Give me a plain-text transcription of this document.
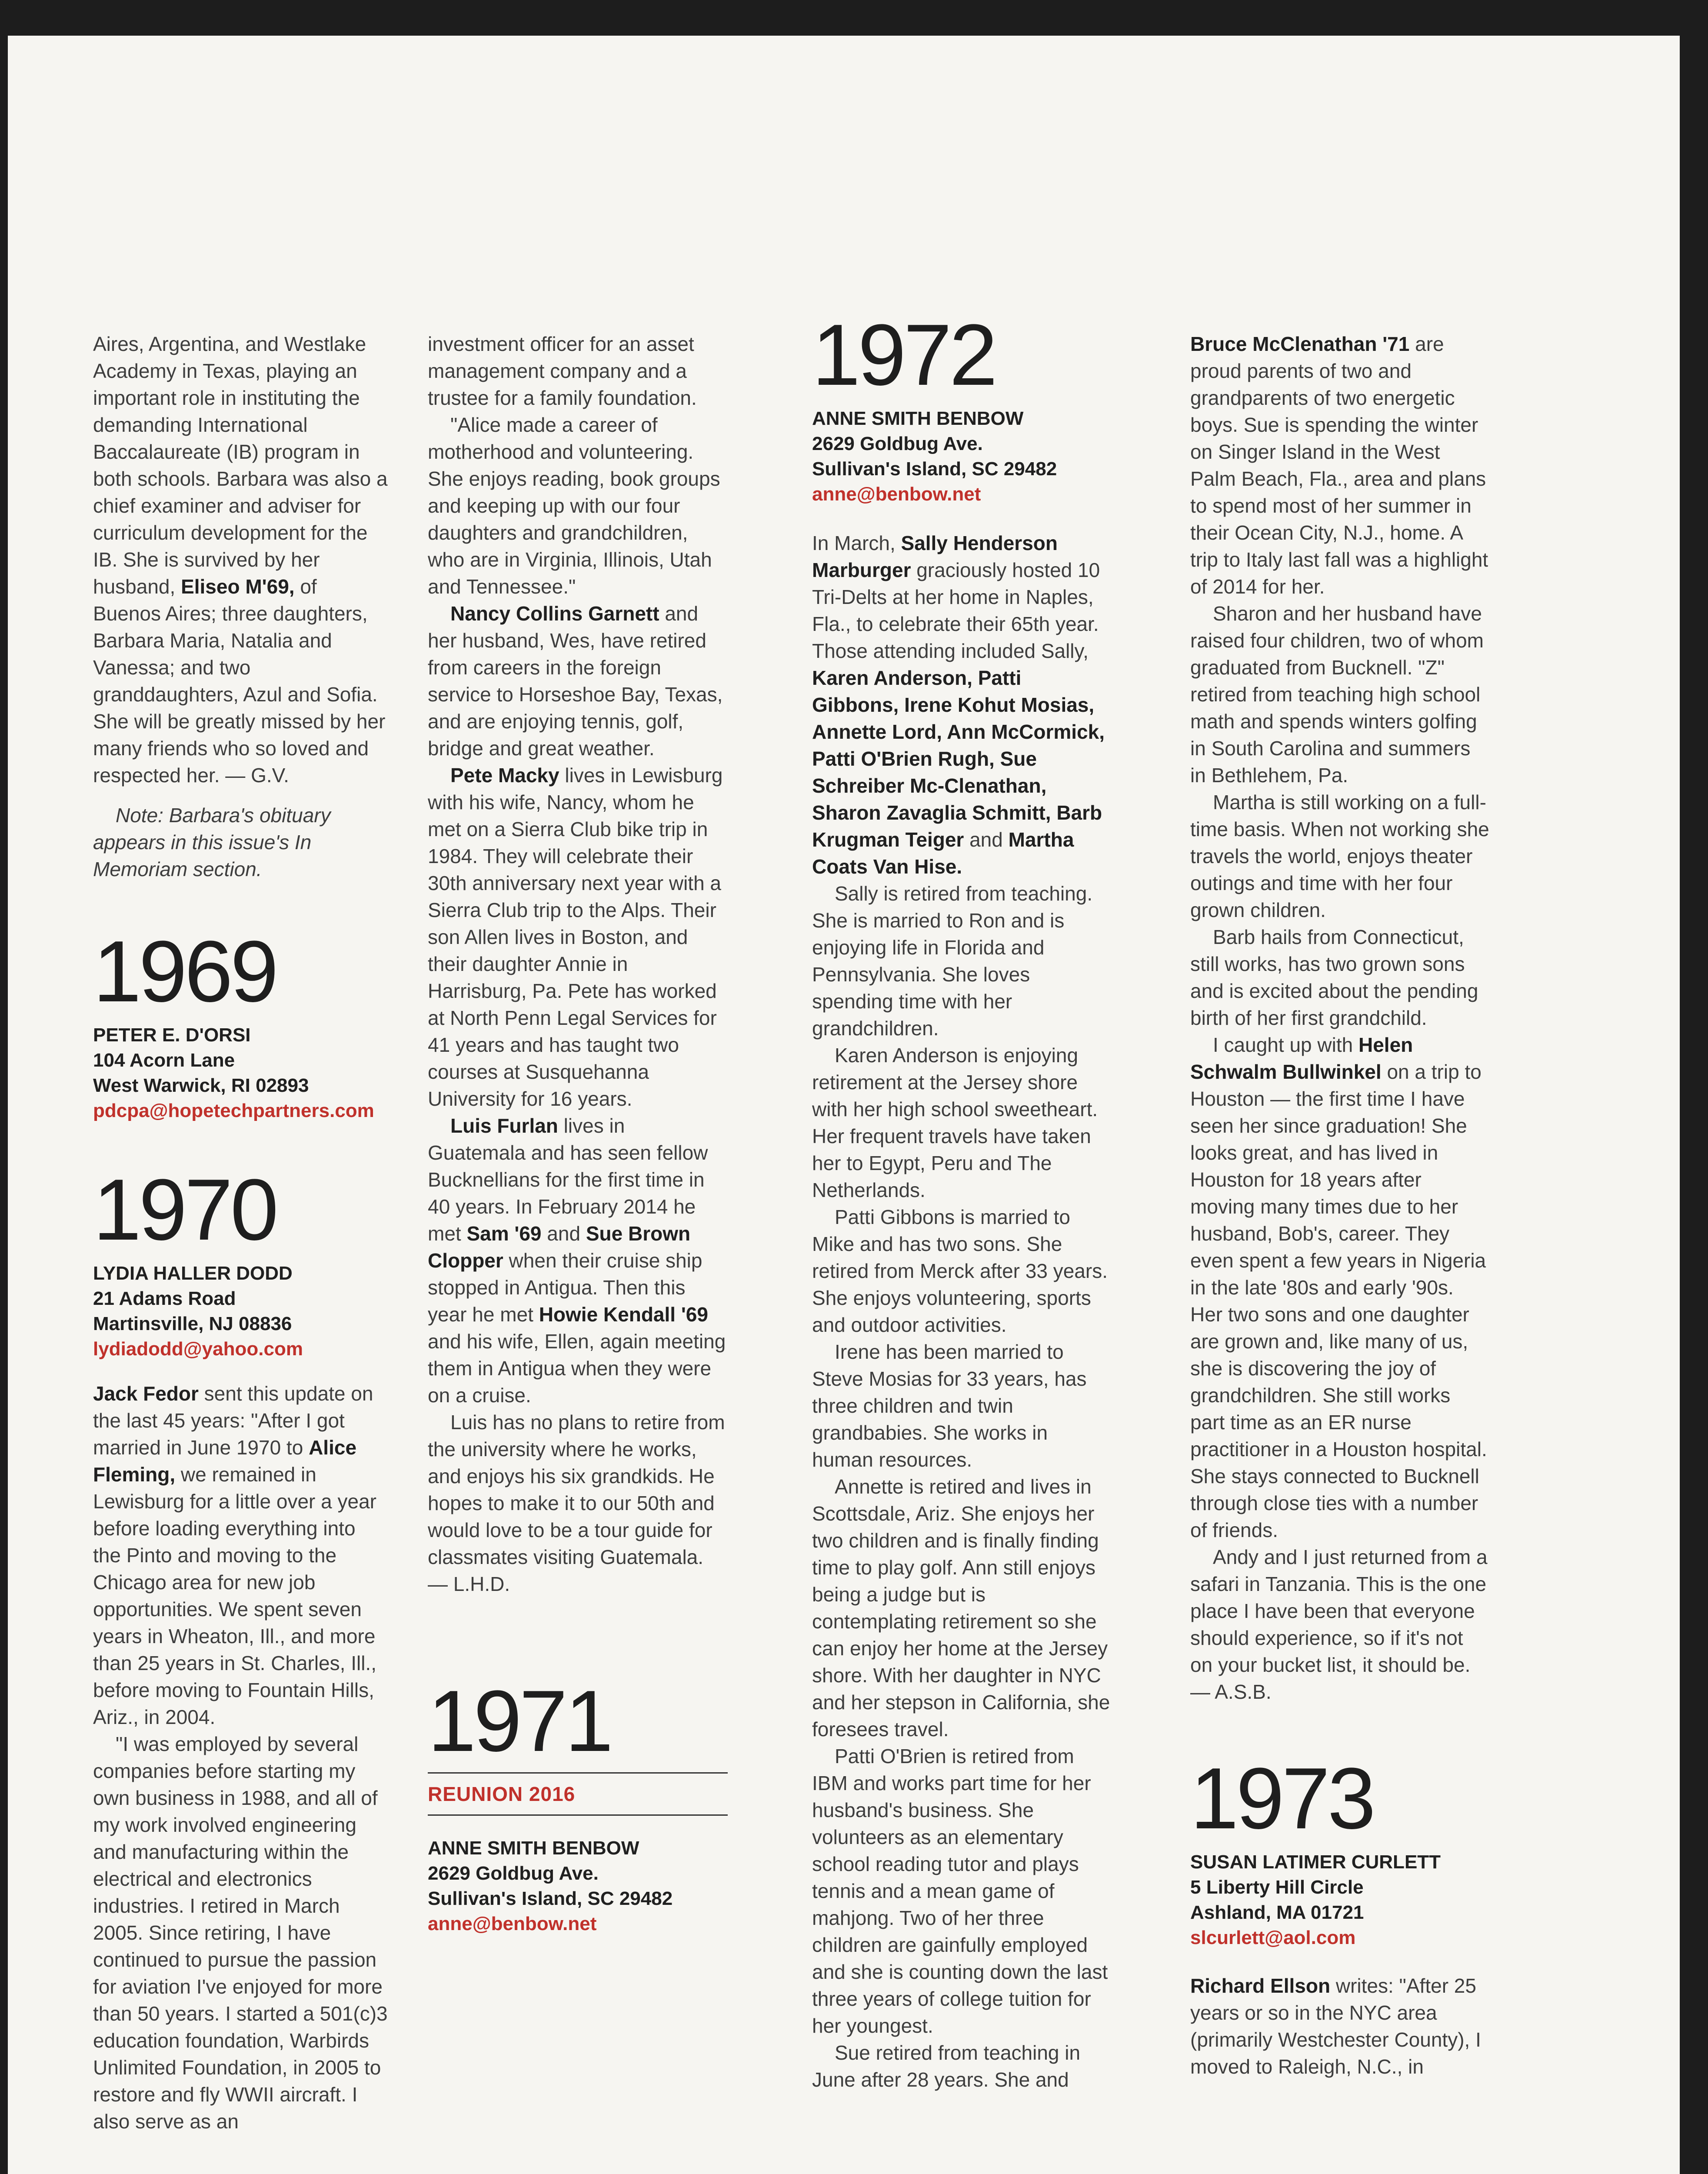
Aires, Argentina, and Westlake Academy in Texas, playing an important role in instituting the demanding International Baccalaureate (IB) program in both schools. Barbara was also a chief examiner and adviser for curriculum development for the IB. She is survived by her husband, Eliseo M'69, of Buenos Aires; three daughters, Barbara Maria, Natalia and Vanessa; and two granddaughters, Azul and Sofia. She will be greatly missed by her many friends who so loved and respected her. — G.V.

Note: Barbara's obituary appears in this issue's In Memoriam section.

1969
PETER E. D'ORSI
104 Acorn Lane
West Warwick, RI 02893
pdcpa@hopetechpartners.com
1970
LYDIA HALLER DODD
21 Adams Road
Martinsville, NJ 08836
lydiadodd@yahoo.com

Jack Fedor sent this update on the last 45 years: "After I got married in June 1970 to Alice Fleming, we remained in Lewisburg for a little over a year before loading everything into the Pinto and moving to the Chicago area for new job opportunities. We spent seven years in Wheaton, Ill., and more than 25 years in St. Charles, Ill., before moving to Fountain Hills, Ariz., in 2004.

"I was employed by several companies before starting my own business in 1988, and all of my work involved engineering and manufacturing within the electrical and electronics industries. I retired in March 2005. Since retiring, I have continued to pursue the passion for aviation I've enjoyed for more than 50 years. I started a 501(c)3 education foundation, Warbirds Unlimited Foundation, in 2005 to restore and fly WWII aircraft. I also serve as an

investment officer for an asset management company and a trustee for a family foundation.

"Alice made a career of motherhood and volunteering. She enjoys reading, book groups and keeping up with our four daughters and grandchildren, who are in Virginia, Illinois, Utah and Tennessee."

Nancy Collins Garnett and her husband, Wes, have retired from careers in the foreign service to Horseshoe Bay, Texas, and are enjoying tennis, golf, bridge and great weather.

Pete Macky lives in Lewisburg with his wife, Nancy, whom he met on a Sierra Club bike trip in 1984. They will celebrate their 30th anniversary next year with a Sierra Club trip to the Alps. Their son Allen lives in Boston, and their daughter Annie in Harrisburg, Pa. Pete has worked at North Penn Legal Services for 41 years and has taught two courses at Susquehanna University for 16 years.

Luis Furlan lives in Guatemala and has seen fellow Bucknellians for the first time in 40 years. In February 2014 he met Sam '69 and Sue Brown Clopper when their cruise ship stopped in Antigua. Then this year he met Howie Kendall '69 and his wife, Ellen, again meeting them in Antigua when they were on a cruise.

Luis has no plans to retire from the university where he works, and enjoys his six grandkids. He hopes to make it to our 50th and would love to be a tour guide for classmates visiting Guatemala. — L.H.D.

1971
REUNION 2016
ANNE SMITH BENBOW
2629 Goldbug Ave.
Sullivan's Island, SC 29482
anne@benbow.net
1972
ANNE SMITH BENBOW
2629 Goldbug Ave.
Sullivan's Island, SC 29482
anne@benbow.net

In March, Sally Henderson Marburger graciously hosted 10 Tri-Delts at her home in Naples, Fla., to celebrate their 65th year. Those attending included Sally, Karen Anderson, Patti Gibbons, Irene Kohut Mosias, Annette Lord, Ann McCormick, Patti O'Brien Rugh, Sue Schreiber Mc-Clenathan, Sharon Zavaglia Schmitt, Barb Krugman Teiger and Martha Coats Van Hise.

Sally is retired from teaching. She is married to Ron and is enjoying life in Florida and Pennsylvania. She loves spending time with her grandchildren.

Karen Anderson is enjoying retirement at the Jersey shore with her high school sweetheart. Her frequent travels have taken her to Egypt, Peru and The Netherlands.

Patti Gibbons is married to Mike and has two sons. She retired from Merck after 33 years. She enjoys volunteering, sports and outdoor activities.

Irene has been married to Steve Mosias for 33 years, has three children and twin grandbabies. She works in human resources.

Annette is retired and lives in Scottsdale, Ariz. She enjoys her two children and is finally finding time to play golf. Ann still enjoys being a judge but is contemplating retirement so she can enjoy her home at the Jersey shore. With her daughter in NYC and her stepson in California, she foresees travel.

Patti O'Brien is retired from IBM and works part time for her husband's business. She volunteers as an elementary school reading tutor and plays tennis and a mean game of mahjong. Two of her three children are gainfully employed and she is counting down the last three years of college tuition for her youngest.

Sue retired from teaching in June after 28 years. She and

Bruce McClenathan '71 are proud parents of two and grandparents of two energetic boys. Sue is spending the winter on Singer Island in the West Palm Beach, Fla., area and plans to spend most of her summer in their Ocean City, N.J., home. A trip to Italy last fall was a highlight of 2014 for her.

Sharon and her husband have raised four children, two of whom graduated from Bucknell. "Z" retired from teaching high school math and spends winters golfing in South Carolina and summers in Bethlehem, Pa.

Martha is still working on a full-time basis. When not working she travels the world, enjoys theater outings and time with her four grown children.

Barb hails from Connecticut, still works, has two grown sons and is excited about the pending birth of her first grandchild.

I caught up with Helen Schwalm Bullwinkel on a trip to Houston — the first time I have seen her since graduation! She looks great, and has lived in Houston for 18 years after moving many times due to her husband, Bob's, career. They even spent a few years in Nigeria in the late '80s and early '90s. Her two sons and one daughter are grown and, like many of us, she is discovering the joy of grandchildren. She still works part time as an ER nurse practitioner in a Houston hospital. She stays connected to Bucknell through close ties with a number of friends.

Andy and I just returned from a safari in Tanzania. This is the one place I have been that everyone should experience, so if it's not on your bucket list, it should be. — A.S.B.

1973
SUSAN LATIMER CURLETT
5 Liberty Hill Circle
Ashland, MA 01721
slcurlett@aol.com

Richard Ellson writes: "After 25 years or so in the NYC area (primarily Westchester County), I moved to Raleigh, N.C., in
